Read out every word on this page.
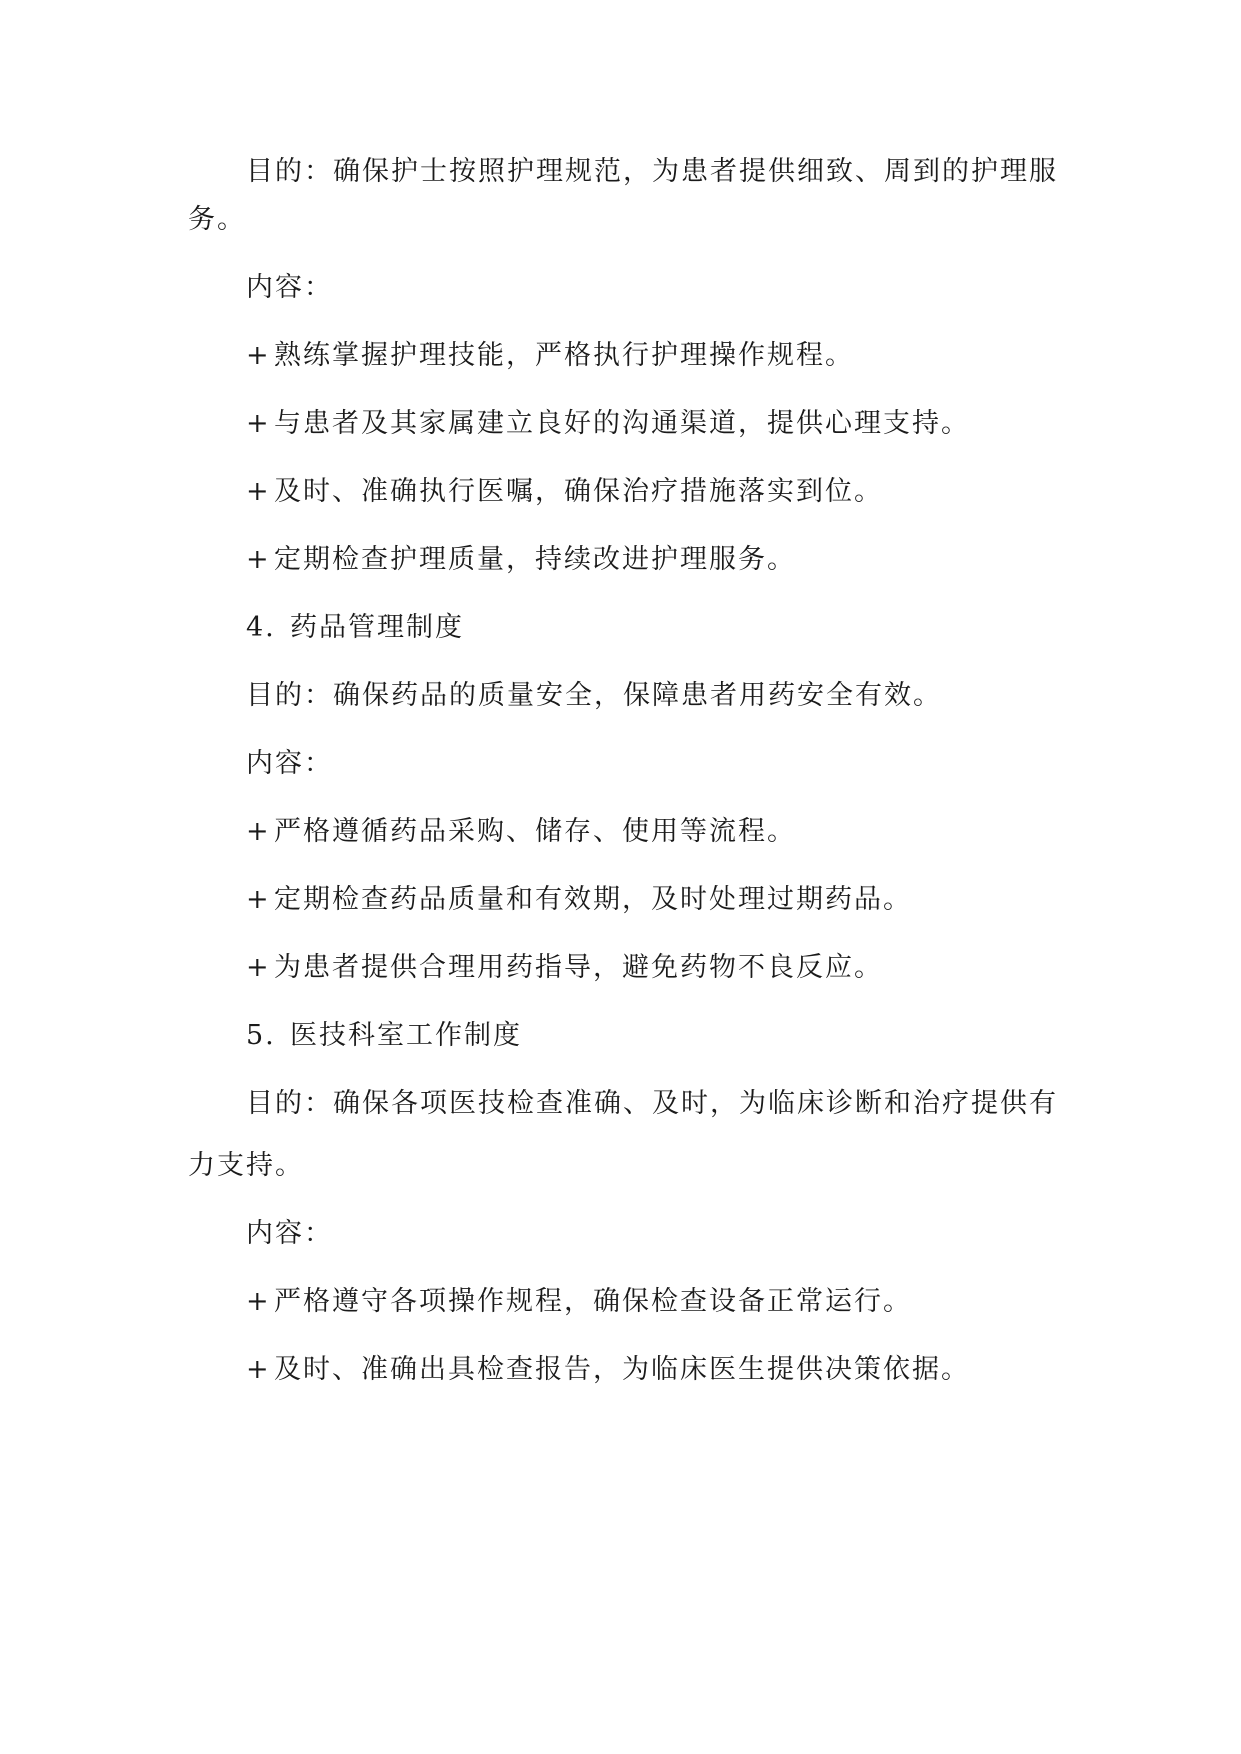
目的：确保护士按照护理规范，为患者提供细致、周到的护理服
务。
内容：
+ 熟练掌握护理技能，严格执行护理操作规程。
+ 与患者及其家属建立良好的沟通渠道，提供心理支持。
+ 及时、准确执行医嘱，确保治疗措施落实到位。
+ 定期检查护理质量，持续改进护理服务。
4. 药品管理制度
目的：确保药品的质量安全，保障患者用药安全有效。
内容：
+ 严格遵循药品采购、储存、使用等流程。
+ 定期检查药品质量和有效期，及时处理过期药品。
+ 为患者提供合理用药指导，避免药物不良反应。
5. 医技科室工作制度
目的：确保各项医技检查准确、及时，为临床诊断和治疗提供有
力支持。
内容：
+ 严格遵守各项操作规程，确保检查设备正常运行。
+ 及时、准确出具检查报告，为临床医生提供决策依据。
